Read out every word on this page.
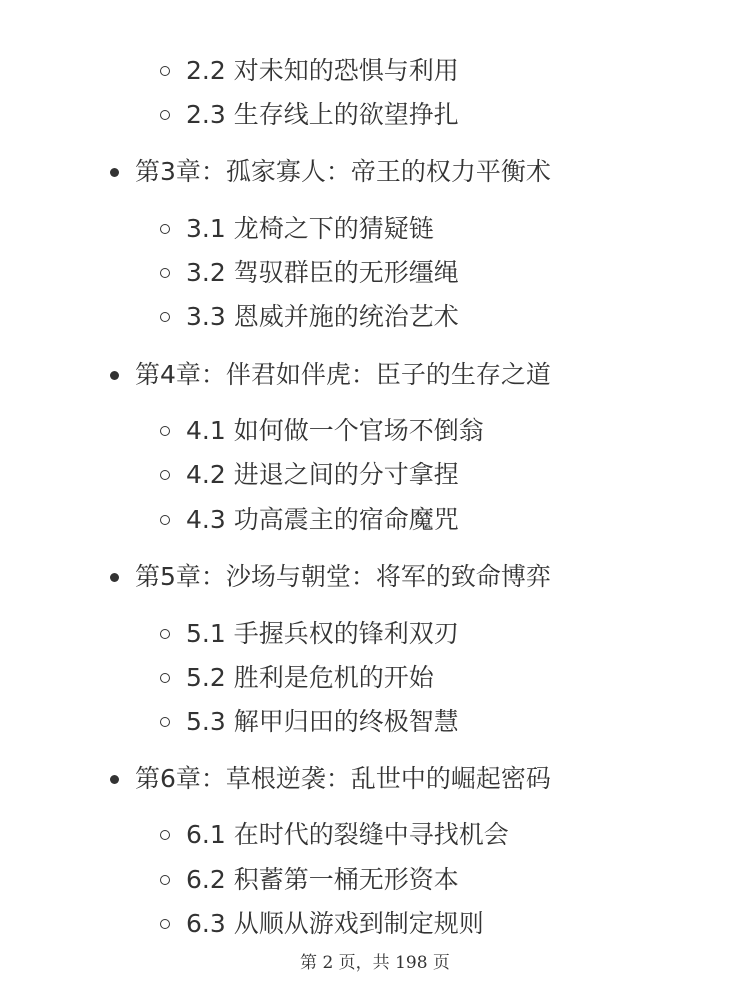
2.2 对未知的恐惧与利用
2.3 生存线上的欲望挣扎
第3章：孤家寡人：帝王的权力平衡术
3.1 龙椅之下的猜疑链
3.2 驾驭群臣的无形缰绳
3.3 恩威并施的统治艺术
第4章：伴君如伴虎：臣子的生存之道
4.1 如何做一个官场不倒翁
4.2 进退之间的分寸拿捏
4.3 功高震主的宿命魔咒
第5章：沙场与朝堂：将军的致命博弈
5.1 手握兵权的锋利双刃
5.2 胜利是危机的开始
5.3 解甲归田的终极智慧
第6章：草根逆袭：乱世中的崛起密码
6.1 在时代的裂缝中寻找机会
6.2 积蓄第一桶无形资本
6.3 从顺从游戏到制定规则
第 2 页，共 198 页
